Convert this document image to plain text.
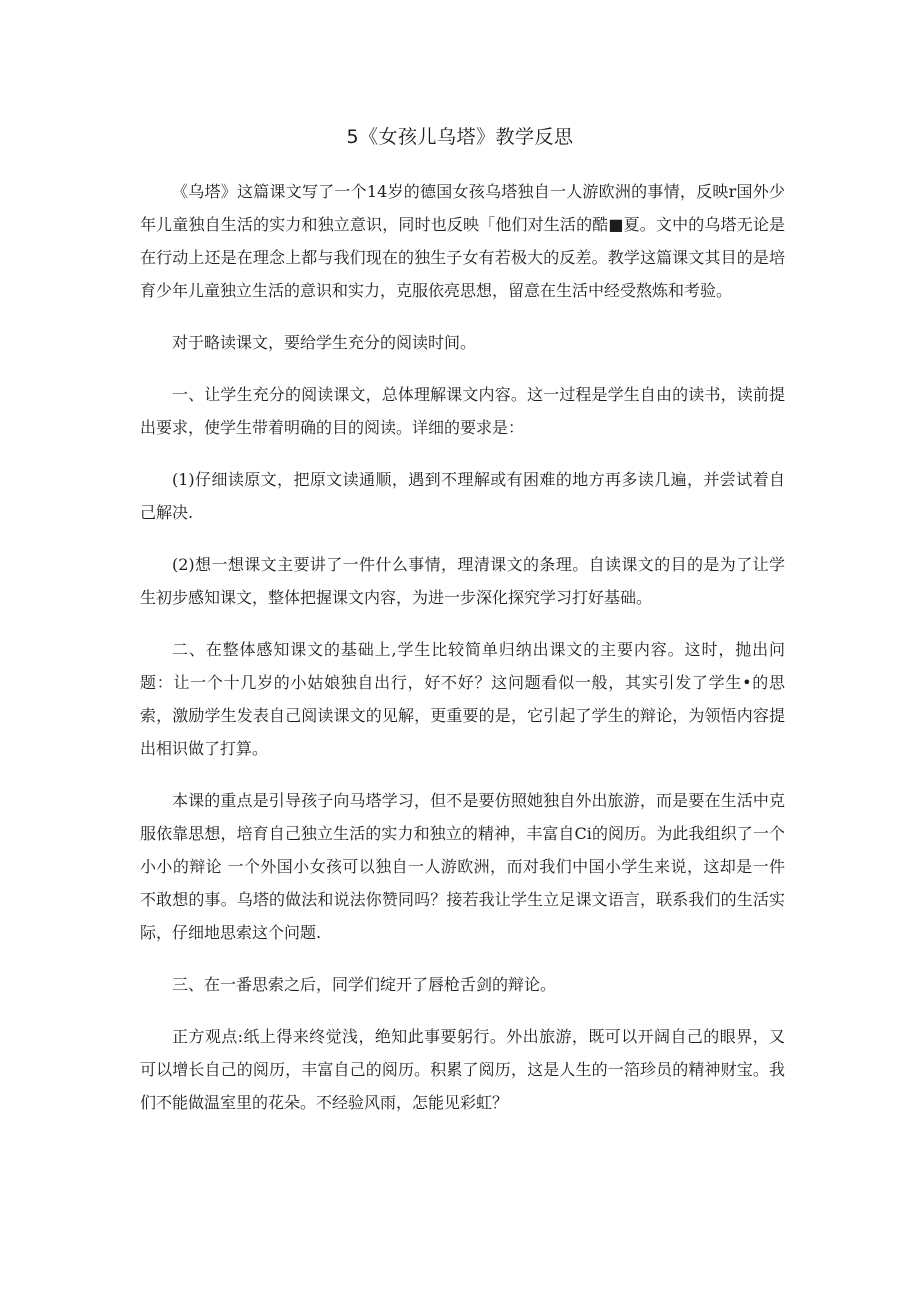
5《女孩儿乌塔》教学反思

《乌塔》这篇课文写了一个14岁的德国女孩乌塔独自一人游欧洲的事情，反映r国外少年儿童独自生活的实力和独立意识，同时也反映「他们对生活的酷■夏。文中的乌塔无论是在行动上还是在理念上都与我们现在的独生子女有若极大的反差。教学这篇课文其目的是培育少年儿童独立生活的意识和实力，克服依亮思想，留意在生活中经受熬炼和考验。

对于略读课文，要给学生充分的阅读时间。

一、让学生充分的阅读课文，总体理解课文内容。这一过程是学生自由的读书，读前提出要求，使学生带着明确的目的阅读。详细的要求是：

(1)仔细读原文，把原文读通顺，遇到不理解或有困难的地方再多读几遍，并尝试着自己解决.

(2)想一想课文主要讲了一件什么事情，理清课文的条理。自读课文的目的是为了让学生初步感知课文，整体把握课文内容，为进一步深化探究学习打好基础。

二、在整体感知课文的基础上,学生比较简单归纳出课文的主要内容。这时，抛出问题：让一个十几岁的小姑娘独自出行，好不好？这问题看似一般，其实引发了学生•的思索，激励学生发表自己阅读课文的见解，更重要的是，它引起了学生的辩论，为领悟内容提出相识做了打算。

本课的重点是引导孩子向马塔学习，但不是要仿照她独自外出旅游，而是要在生活中克服依靠思想，培育自己独立生活的实力和独立的精神，丰富自Ci的阅历。为此我组织了一个小小的辩论 一个外国小女孩可以独自一人游欧洲，而对我们中国小学生来说，这却是一件不敢想的事。乌塔的做法和说法你赞同吗？接若我让学生立足课文语言，联系我们的生活实际，仔细地思索这个问题.

三、在一番思索之后，同学们绽开了唇枪舌剑的辩论。

正方观点:纸上得来终觉浅，绝知此事要躬行。外出旅游，既可以开阔自己的眼界，又可以增长自己的阅历，丰富自己的阅历。积累了阅历，这是人生的一箔珍员的精神财宝。我们不能做温室里的花朵。不经验风雨，怎能见彩虹？
